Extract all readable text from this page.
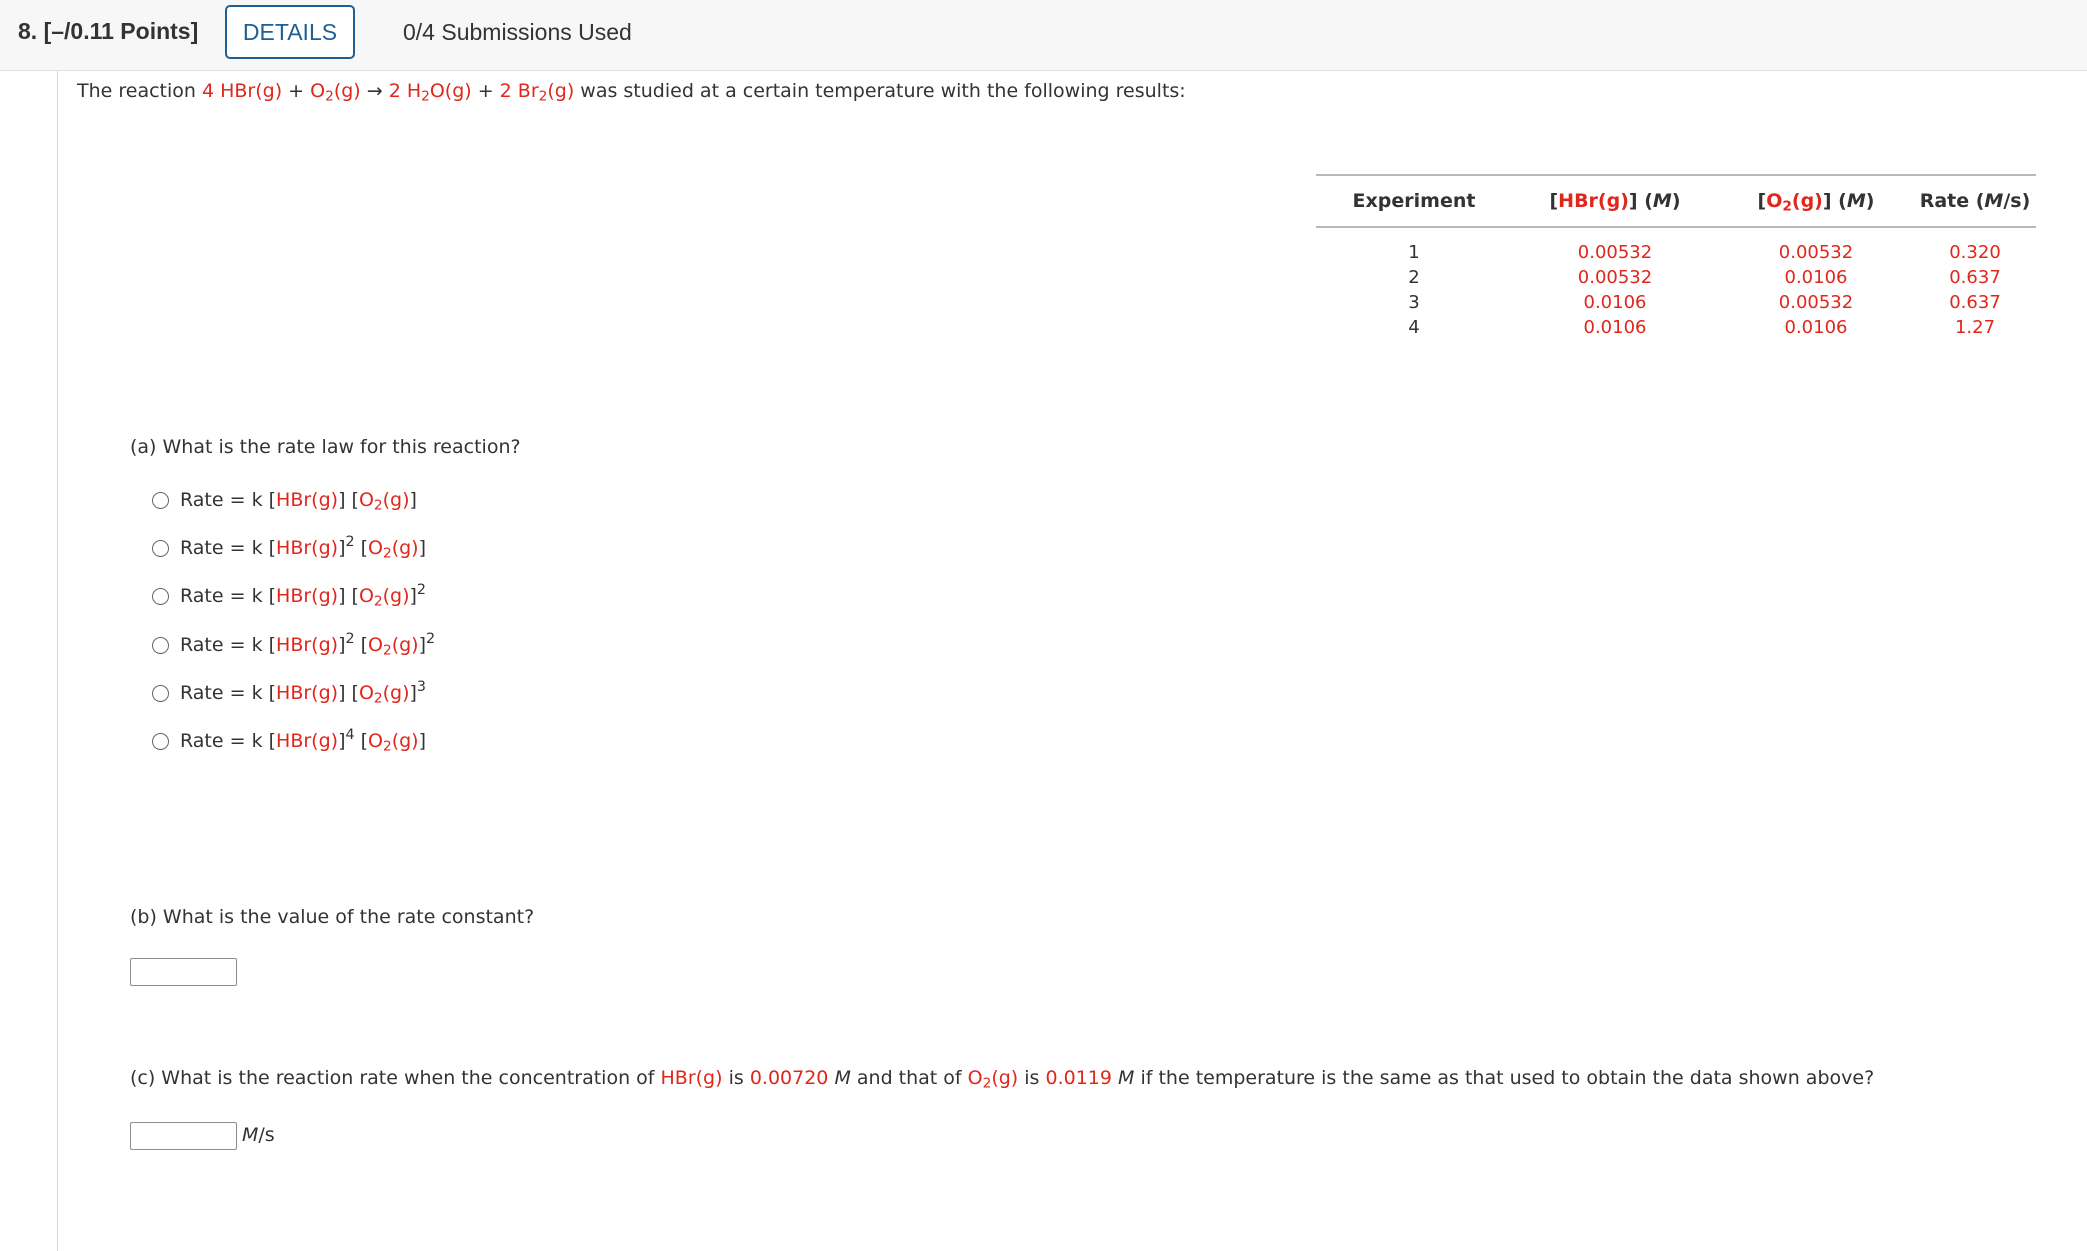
8. [–/0.11 Points]	DETAILS	0/4 Submissions Used
The reaction 4 $HBr(g) + O_2(g) \to 2$ $H_2O(g) + 2$ $Br_2(g)$ was studied at a certain temperature with the following results:
Experiment	[HBr(g)] (M)	$[O_2(g)]$ (M)	Rate (M/s)
1	0.00532	0.00532	0.320
2	0.00532	0.0106	0.637
3	0.0106	0.00532	0.637
4	0.0106	0.0106	1.27
(a) What is the rate law for this reaction?
Rate = k [HBr(g)] $[O_2(g)]$
Rate = k $[HBr(g)]^2$ $[O_2(g)]$
Rate = k [HBr(g)] $[O_2(g)]^2$
Rate = k $[HBr(g)]^2$ $[O_2(g)]^2$
Rate = k [HBr(g)] $[O_2(g)]^3$
Rate = k $[HBr(g)]^4$ $[O_2(g)]$
(b) What is the value of the rate constant?
(c) What is the reaction rate when the concentration of HBr(g) is 0.00720 M and that of $O_2(g)$ is 0.0119 M if the temperature is the same as that used to obtain the data shown above?
M/s
